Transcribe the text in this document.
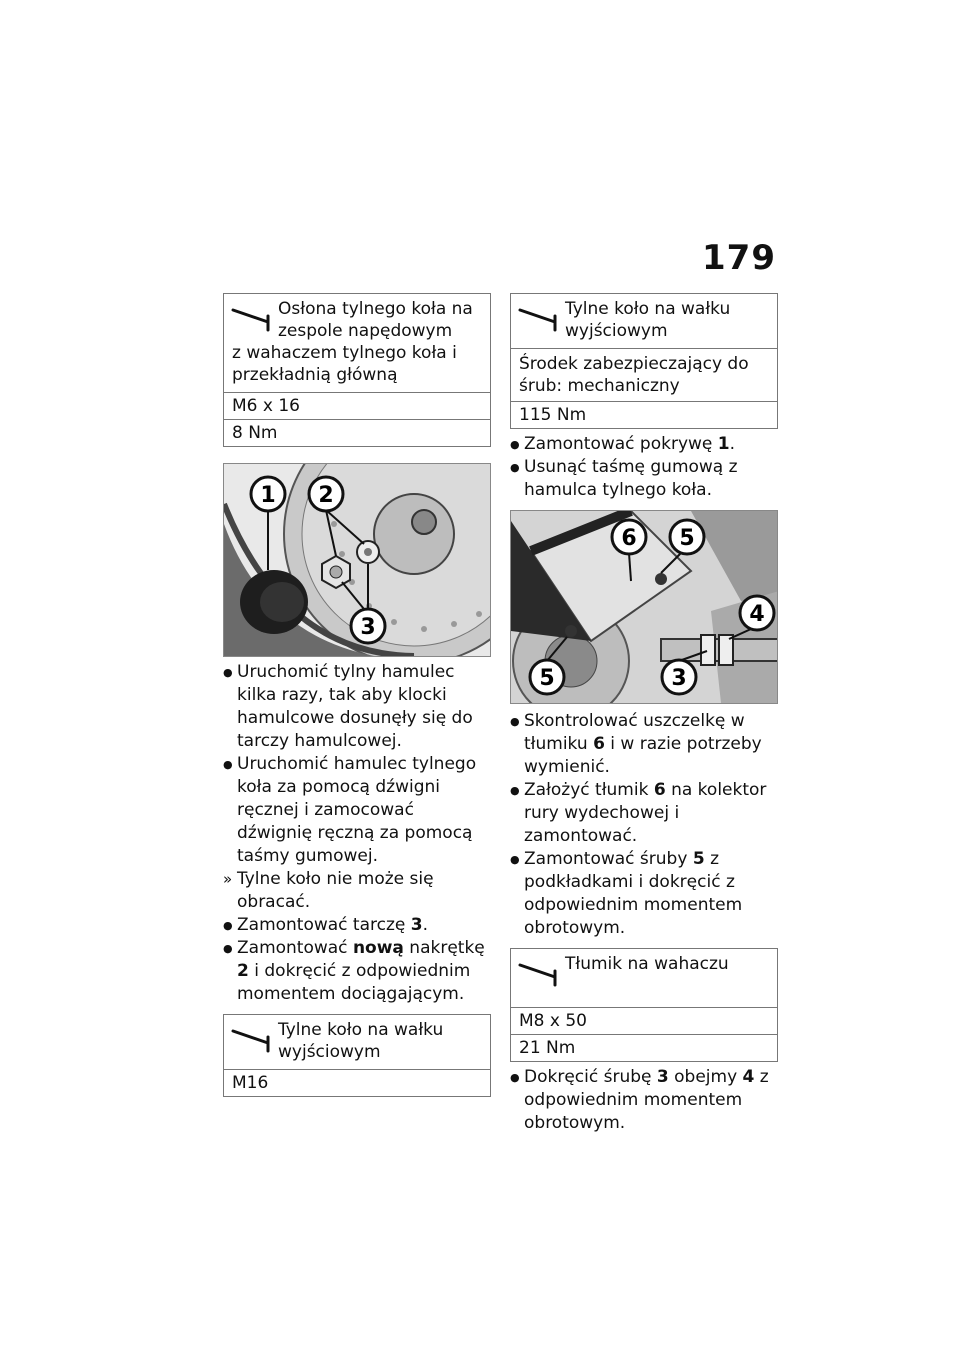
179
Osłona tylnego koła na
zespole napędowym
z wahaczem tylnego koła i przekładnią główną
M6 x 16
8 Nm
1 2
3
● Uruchomić tylny hamulec kilka razy, tak aby klocki hamulcowe dosunęły się do tarczy hamulcowej.
● Uruchomić hamulec tylnego koła za pomocą dźwigni ręcznej i zamocować dźwignię ręczną za pomocą taśmy gumowej.
» Tylne koło nie może się obracać.
● Zamontować tarczę 3.
● Zamontować nową nakrętkę 2 i dokręcić z odpowiednim momentem dociągającym.
Tylne koło na wałku
wyjściowym
M16
Tylne koło na wałku
wyjściowym
Środek zabezpieczający do śrub: mechaniczny
115 Nm
● Zamontować pokrywę 1.
● Usunąć taśmę gumową z hamulca tylnego koła.
6 5
4
5	3
● Skontrolować uszczelkę w tłumiku 6 i w razie potrzeby wymienić.
● Założyć tłumik 6 na kolektor rury wydechowej i zamontować.
● Zamontować śruby 5 z podkładkami i dokręcić z odpowiednim momentem obrotowym.
Tłumik na wahaczu
M8 x 50
21 Nm
● Dokręcić śrubę 3 obejmy 4 z odpowiednim momentem obrotowym.
